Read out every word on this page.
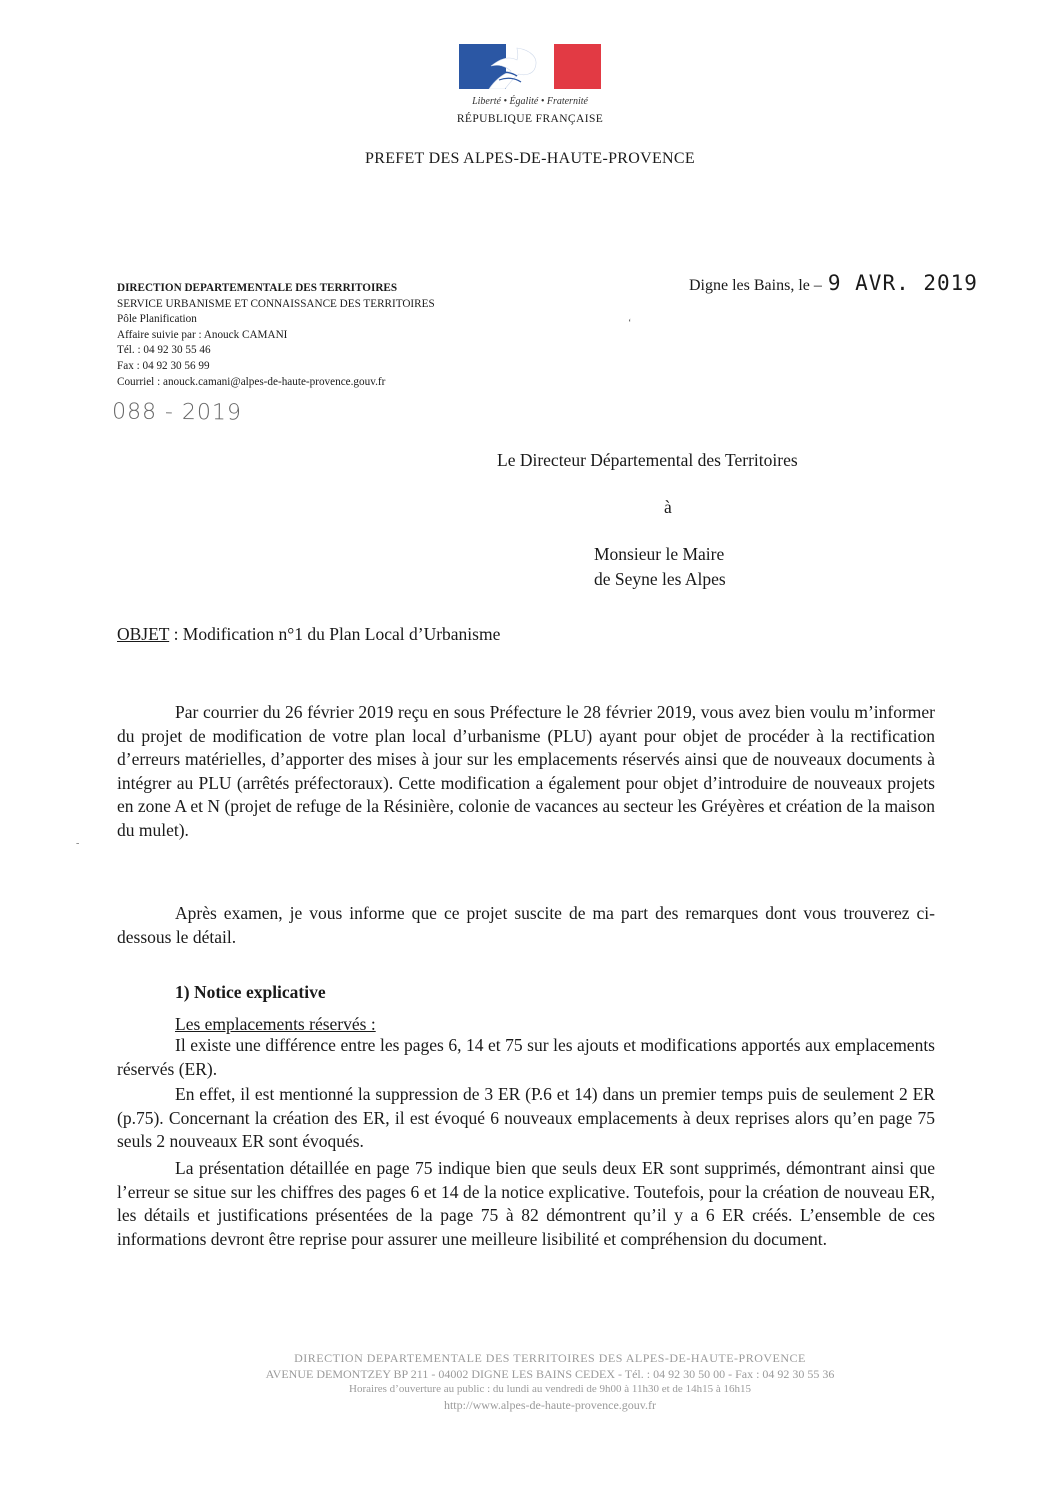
Liberté • Égalité • Fraternité
RÉPUBLIQUE FRANÇAISE
PREFET DES ALPES-DE-HAUTE-PROVENCE
DIRECTION DEPARTEMENTALE DES TERRITOIRES
SERVICE URBANISME ET CONNAISSANCE DES TERRITOIRES
Pôle Planification
Affaire suivie par : Anouck CAMANI
Tél. : 04 92 30 55 46
Fax : 04 92 30 56 99
Courriel : anouck.camani@alpes-de-haute-provence.gouv.fr
088 - 2019
Digne les Bains, le – 9 AVR. 2019
ʻ
Le Directeur Départemental des Territoires
à
Monsieur le Maire
de Seyne les Alpes
OBJET : Modification n°1 du Plan Local d’Urbanisme

Par courrier du 26 février 2019 reçu en sous Préfecture le 28 février 2019, vous avez bien voulu m’informer du projet de modification de votre plan local d’urbanisme (PLU) ayant pour objet de procéder à la rectification d’erreurs matérielles, d’apporter des mises à jour sur les emplacements réservés ainsi que de nouveaux documents à intégrer au PLU (arrêtés préfectoraux). Cette modification a également pour objet d’introduire de nouveaux projets en zone A et N (projet de refuge de la Résinière, colonie de vacances au secteur les Gréyères et création de la maison du mulet).

-

Après examen, je vous informe que ce projet suscite de ma part des remarques dont vous trouverez ci-dessous le détail.

1) Notice explicative
Les emplacements réservés :

Il existe une différence entre les pages 6, 14 et 75 sur les ajouts et modifications apportés aux emplacements réservés (ER).

En effet, il est mentionné la suppression de 3 ER (P.6 et 14) dans un premier temps puis de seulement 2 ER (p.75). Concernant la création des ER, il est évoqué 6 nouveaux emplacements à deux reprises alors qu’en page 75 seuls 2 nouveaux ER sont évoqués.

La présentation détaillée en page 75 indique bien que seuls deux ER sont supprimés, démontrant ainsi que l’erreur se situe sur les chiffres des pages 6 et 14 de la notice explicative. Toutefois, pour la création de nouveau ER, les détails et justifications présentées de la page 75 à 82 démontrent qu’il y a 6 ER créés. L’ensemble de ces informations devront être reprise pour assurer une meilleure lisibilité et compréhension du document.

DIRECTION DEPARTEMENTALE DES TERRITOIRES DES ALPES-DE-HAUTE-PROVENCE
AVENUE DEMONTZEY BP 211 - 04002 DIGNE LES BAINS CEDEX - Tél. : 04 92 30 50 00 - Fax : 04 92 30 55 36
Horaires d’ouverture au public : du lundi au vendredi de 9h00 à 11h30 et de 14h15 à 16h15
http://www.alpes-de-haute-provence.gouv.fr
